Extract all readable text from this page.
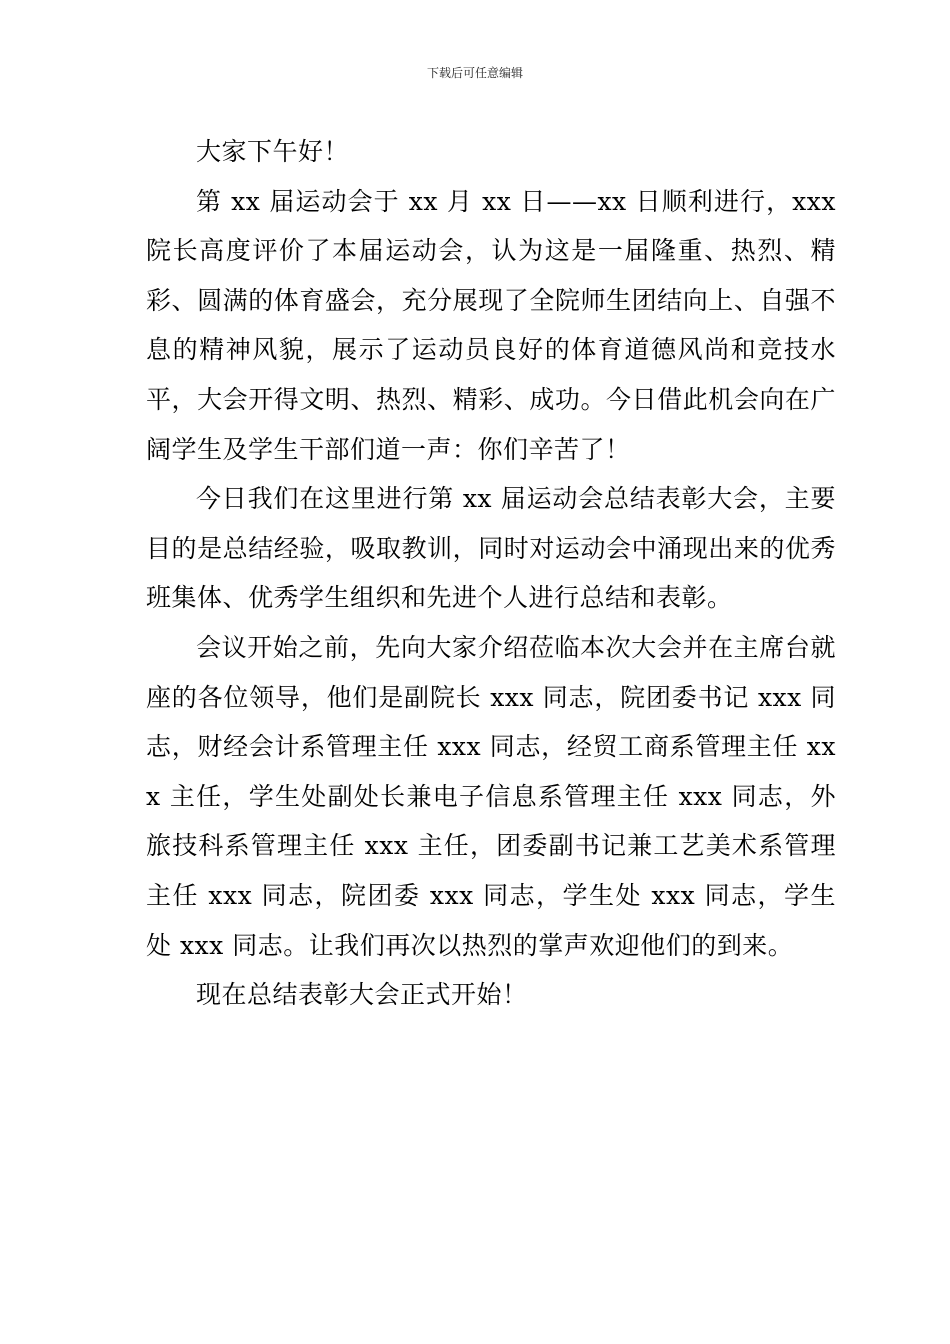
下载后可任意编辑

大家下午好！

第 xx 届运动会于 xx 月 xx 日——xx 日顺利进行，xxx 院长高度评价了本届运动会，认为这是一届隆重、热烈、精彩、圆满的体育盛会，充分展现了全院师生团结向上、自强不息的精神风貌，展示了运动员良好的体育道德风尚和竞技水平，大会开得文明、热烈、精彩、成功。今日借此机会向在广阔学生及学生干部们道一声：你们辛苦了！

今日我们在这里进行第 xx 届运动会总结表彰大会，主要目的是总结经验，吸取教训，同时对运动会中涌现出来的优秀班集体、优秀学生组织和先进个人进行总结和表彰。

会议开始之前，先向大家介绍莅临本次大会并在主席台就座的各位领导，他们是副院长 xxx 同志，院团委书记 xxx 同志，财经会计系管理主任 xxx 同志，经贸工商系管理主任 xxx 主任，学生处副处长兼电子信息系管理主任 xxx 同志，外旅技科系管理主任 xxx 主任，团委副书记兼工艺美术系管理主任 xxx 同志，院团委 xxx 同志，学生处 xxx 同志，学生处 xxx 同志。让我们再次以热烈的掌声欢迎他们的到来。

现在总结表彰大会正式开始！
